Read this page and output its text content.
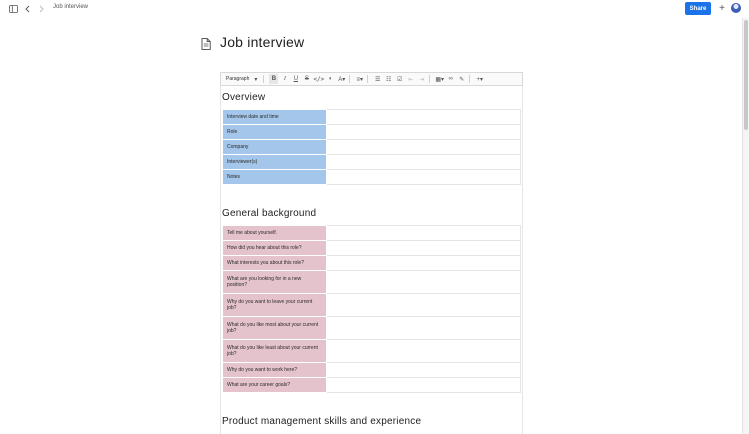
Job interview	Share	+
Job interview
Paragraph ▾	B	I	U	S </> ◐ A▾ ≡▾ ☰ ☷ ☑ ⇤ ⇥	▦▾ ∞	✎	+▾
Overview
Interview date and time	
Role	
Company	
Interviewer(s)	
Notes	
General background
Tell me about yourself.	
How did you hear about this role?	
What interests you about this role?	
What are you looking for in a new position?	
Why do you want to leave your current job?	
What do you like most about your current job?	
What do you like least about your current job?	
Why do you want to work here?	
What are your career goals?	
Product management skills and experience
